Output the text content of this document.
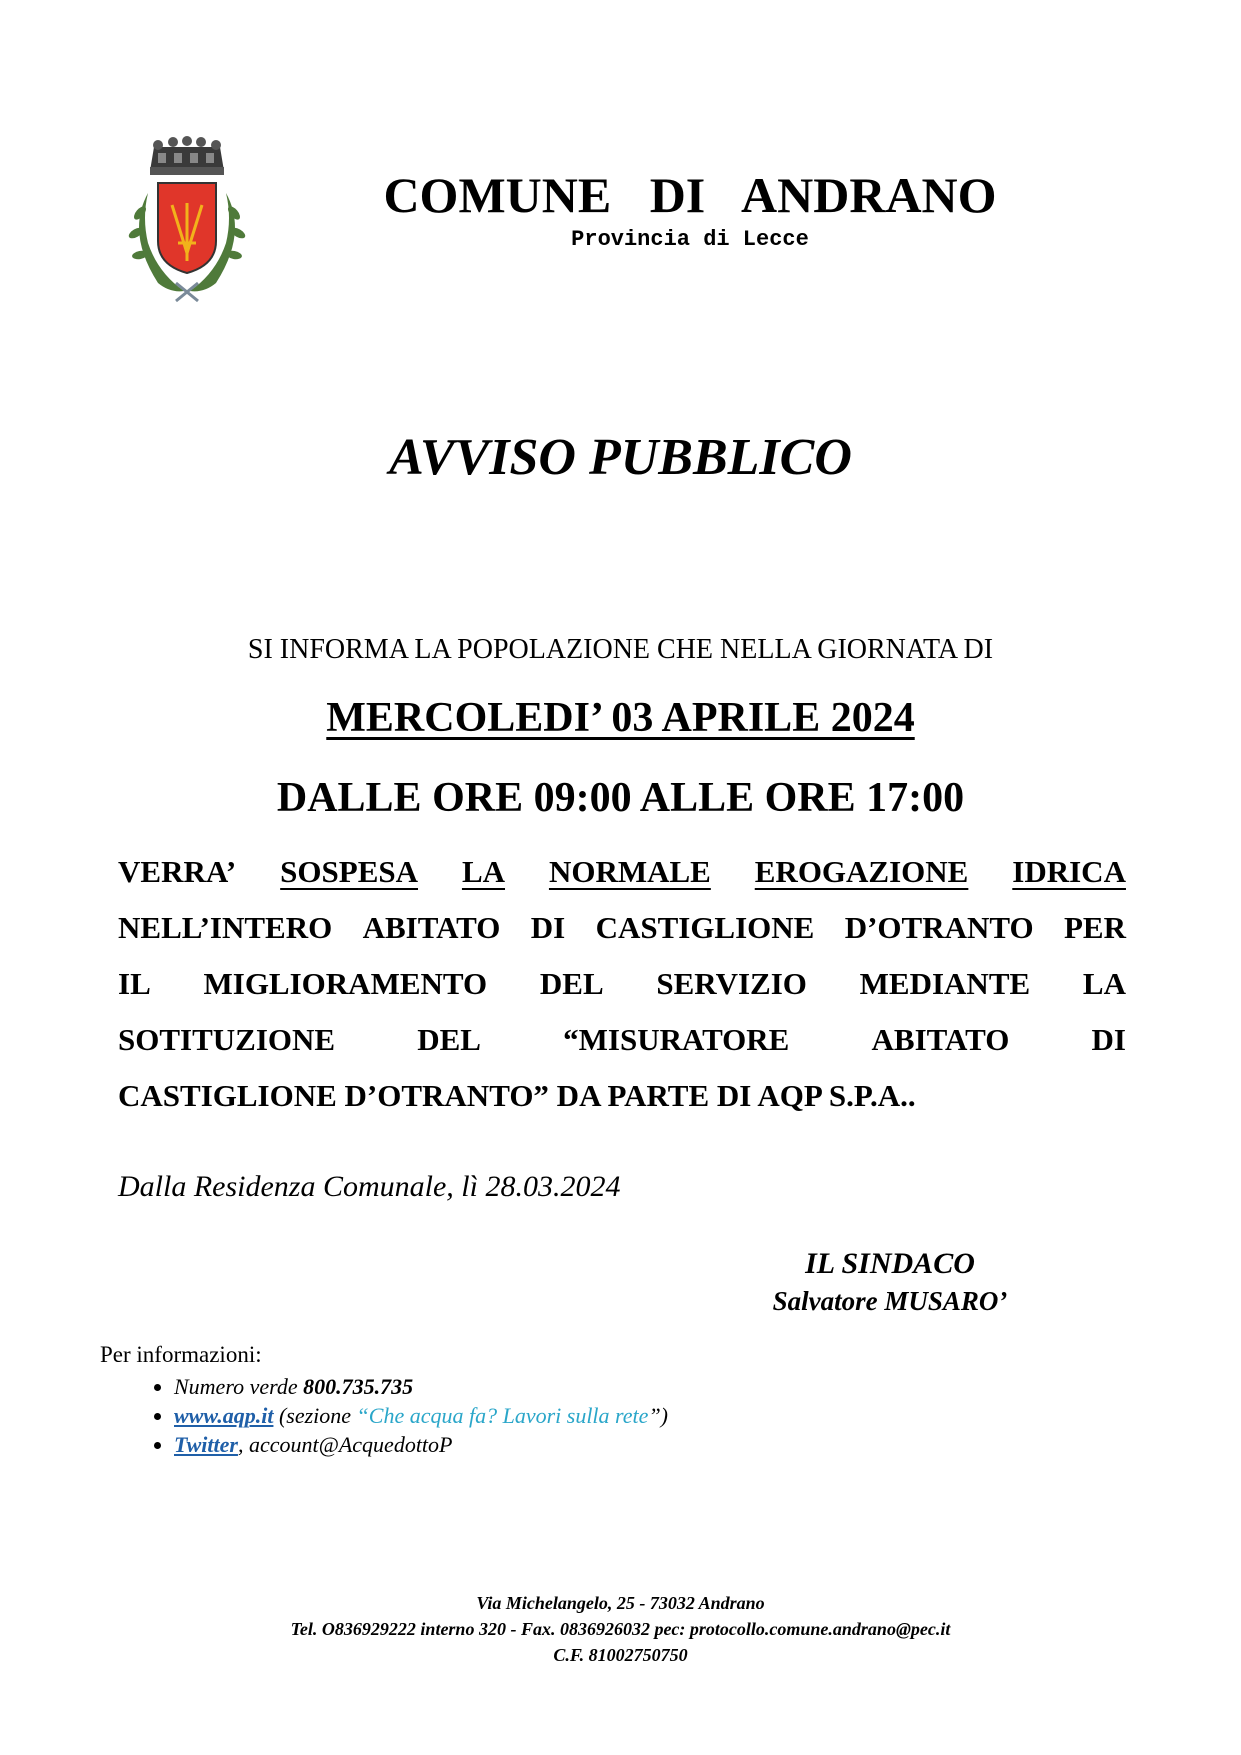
COMUNE DI ANDRANO
Provincia di Lecce
AVVISO PUBBLICO
SI INFORMA LA POPOLAZIONE CHE NELLA GIORNATA DI
MERCOLEDI’ 03 APRILE 2024
DALLE ORE 09:00 ALLE ORE 17:00
VERRA’ SOSPESA LA NORMALE EROGAZIONE IDRICA
NELL’INTERO ABITATO DI CASTIGLIONE D’OTRANTO PER
IL MIGLIORAMENTO DEL SERVIZIO MEDIANTE LA
SOTITUZIONE	DEL	“MISURATORE	ABITATO	DI
CASTIGLIONE D’OTRANTO” DA PARTE DI AQP S.P.A..
Dalla Residenza Comunale, lì 28.03.2024
IL SINDACO
Salvatore MUSARO’
Per informazioni:
• Numero verde 800.735.735
• www.aqp.it (sezione “Che acqua fa? Lavori sulla rete”)
• Twitter, account@AcquedottoP
Via Michelangelo, 25 - 73032 Andrano
Tel. O836929222 interno 320 - Fax. 0836926032 pec: protocollo.comune.andrano@pec.it
C.F. 81002750750
